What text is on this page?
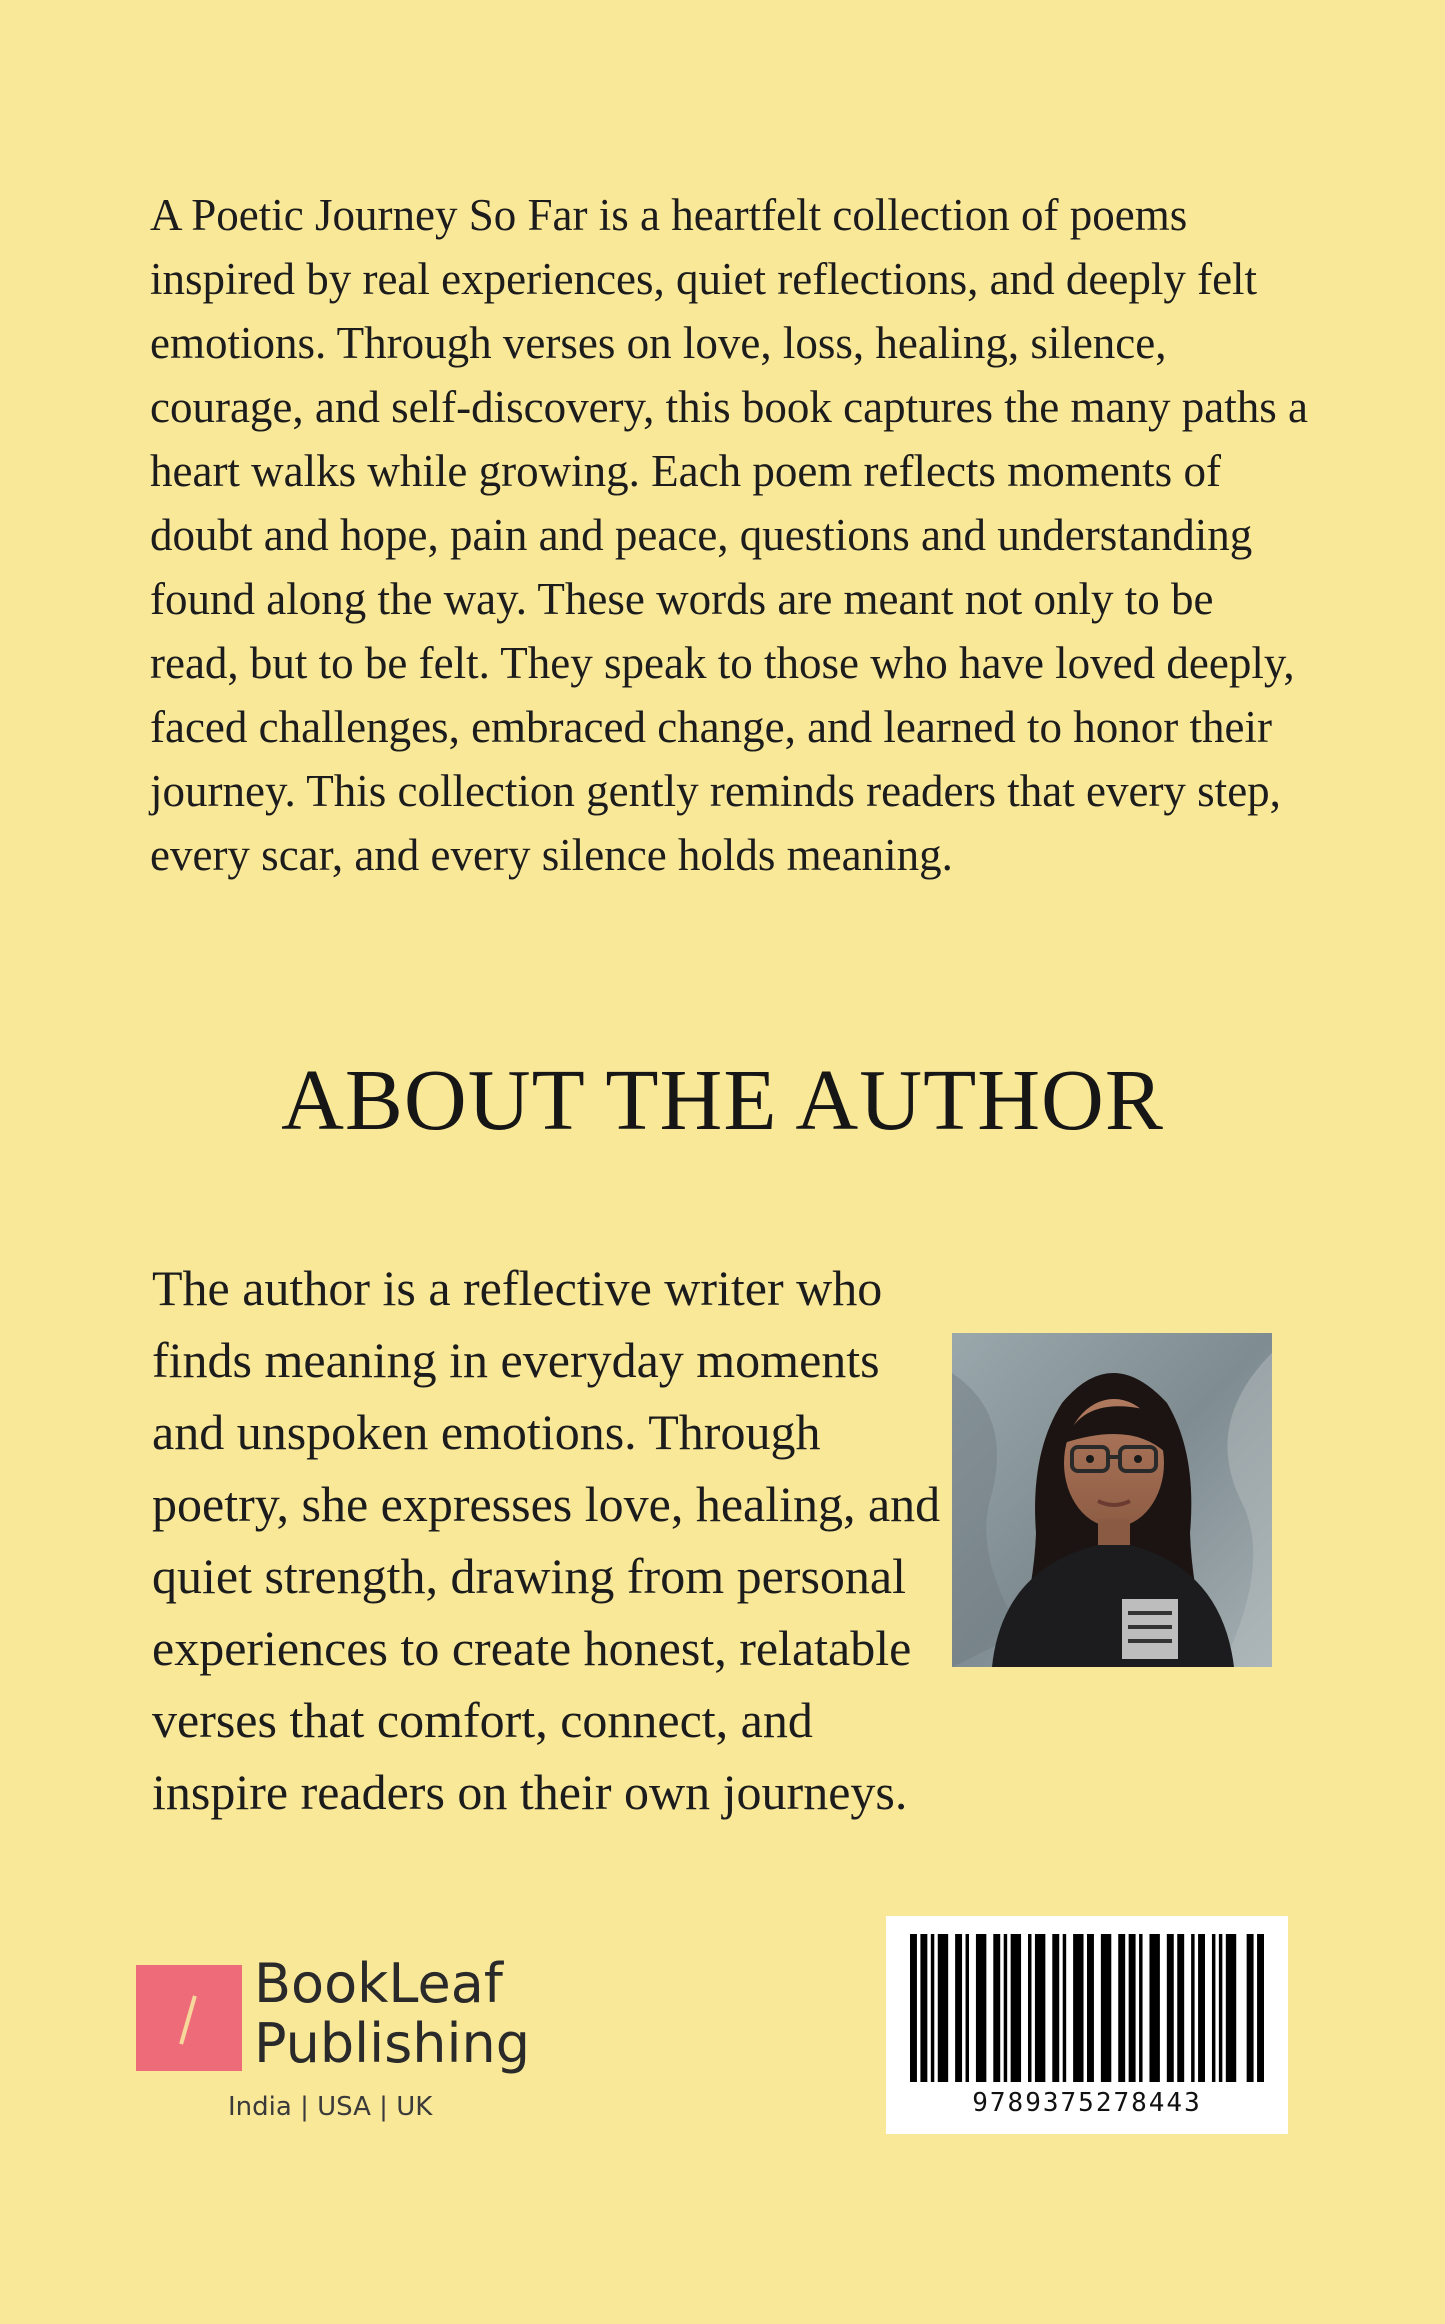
A Poetic Journey So Far is a heartfelt collection of poems inspired by real experiences, quiet reflections, and deeply felt emotions. Through verses on love, loss, healing, silence, courage, and self-discovery, this book captures the many paths a heart walks while growing. Each poem reflects moments of doubt and hope, pain and peace, questions and understanding found along the way. These words are meant not only to be read, but to be felt. They speak to those who have loved deeply, faced challenges, embraced change, and learned to honor their journey. This collection gently reminds readers that every step, every scar, and every silence holds meaning.

ABOUT THE AUTHOR

The author is a reflective writer who finds meaning in everyday moments and unspoken emotions. Through poetry, she expresses love, healing, and quiet strength, drawing from personal experiences to create honest, relatable verses that comfort, connect, and inspire readers on their own journeys.

BookLeaf
Publishing
India | USA | UK	9789375278443
